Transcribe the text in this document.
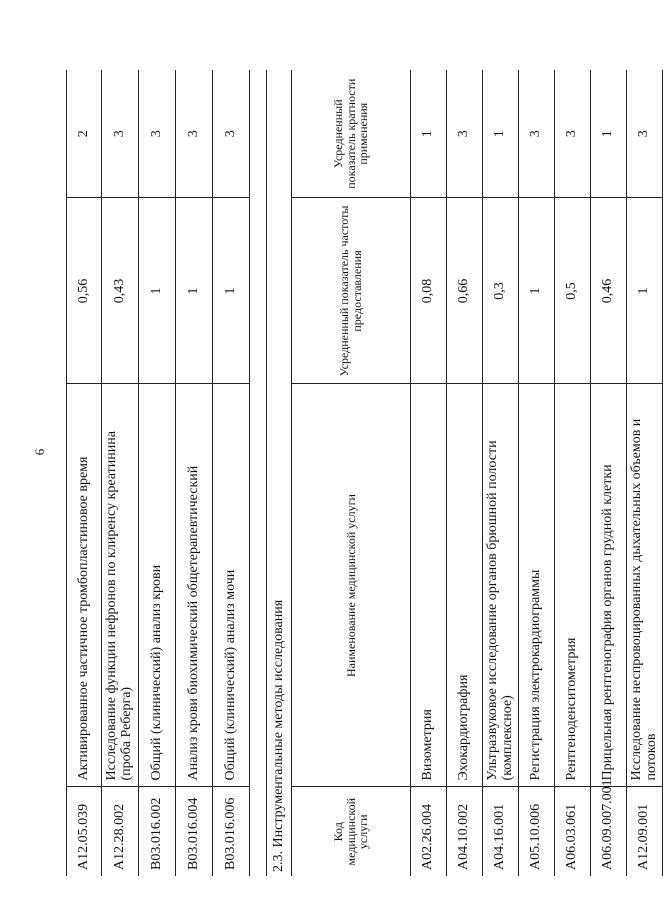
6
A12.05.039	Активированное частичное тромбопластиновое время	0,56	2
A12.28.002	Исследование функции нефронов по клиренсу креатинина (проба Реберга)	0,43	3
B03.016.002	Общий (клинический) анализ крови	1	3
B03.016.004	Анализ крови биохимический общетерапевтический	1	3
B03.016.006	Общий (клинический) анализ мочи	1	3
2.3. Инструментальные методы исследования			
Код медицинской услуги	Наименование медицинской услуги	Усредненный показатель частоты предоставления	Усредненный показатель кратности применения
A02.26.004	Визометрия	0,08	1
A04.10.002	Эхокардиография	0,66	3
A04.16.001	Ультразвуковое исследование органов брюшной полости (комплексное)	0,3	1
A05.10.006	Регистрация электрокардиограммы	1	3
A06.03.061	Рентгеноденситометрия	0,5	3
A06.09.007.001	Прицельная рентгенография органов грудной клетки	0,46	1
A12.09.001	Исследование неспровоцированных дыхательных объемов и потоков	1	3
